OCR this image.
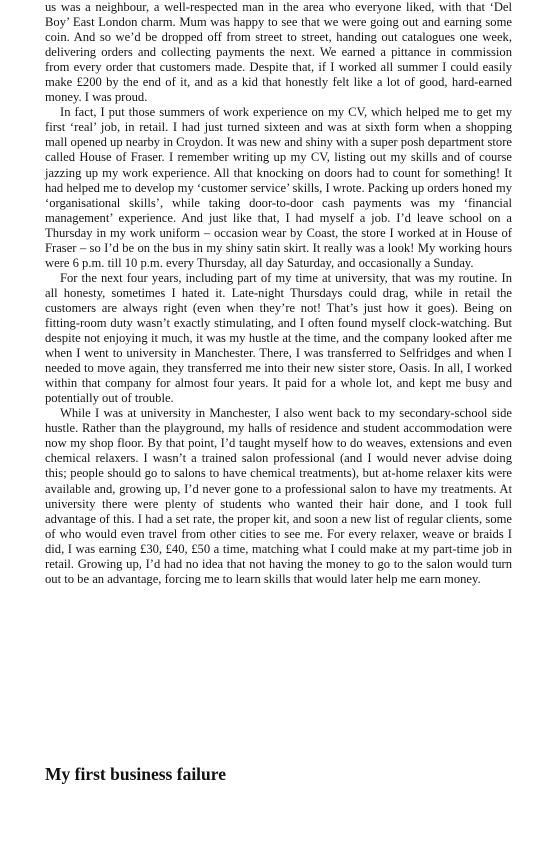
us was a neighbour, a well-respected man in the area who everyone liked, with that ‘Del Boy’ East London charm. Mum was happy to see that we were going out and earning some coin. And so we’d be dropped off from street to street, handing out catalogues one week, delivering orders and collecting payments the next. We earned a pittance in commission from every order that customers made. Despite that, if I worked all summer I could easily make £200 by the end of it, and as a kid that honestly felt like a lot of good, hard-earned money. I was proud.

In fact, I put those summers of work experience on my CV, which helped me to get my first ‘real’ job, in retail. I had just turned sixteen and was at sixth form when a shopping mall opened up nearby in Croydon. It was new and shiny with a super posh department store called House of Fraser. I remember writing up my CV, listing out my skills and of course jazzing up my work experience. All that knocking on doors had to count for something! It had helped me to develop my ‘customer service’ skills, I wrote. Packing up orders honed my ‘organisational skills’, while taking door-to-door cash payments was my ‘financial management’ experience. And just like that, I had myself a job. I’d leave school on a Thursday in my work uniform – occasion wear by Coast, the store I worked at in House of Fraser – so I’d be on the bus in my shiny satin skirt. It really was a look! My working hours were 6 p.m. till 10 p.m. every Thursday, all day Saturday, and occasionally a Sunday.

For the next four years, including part of my time at university, that was my routine. In all honesty, sometimes I hated it. Late-night Thursdays could drag, while in retail the customers are always right (even when they’re not! That’s just how it goes). Being on fitting-room duty wasn’t exactly stimulating, and I often found myself clock-watching. But despite not enjoying it much, it was my hustle at the time, and the company looked after me when I went to university in Manchester. There, I was transferred to Selfridges and when I needed to move again, they transferred me into their new sister store, Oasis. In all, I worked within that company for almost four years. It paid for a whole lot, and kept me busy and potentially out of trouble.

While I was at university in Manchester, I also went back to my secondary-school side hustle. Rather than the playground, my halls of residence and student accommodation were now my shop floor. By that point, I’d taught myself how to do weaves, extensions and even chemical relaxers. I wasn’t a trained salon professional (and I would never advise doing this; people should go to salons to have chemical treatments), but at-home relaxer kits were available and, growing up, I’d never gone to a professional salon to have my treatments. At university there were plenty of students who wanted their hair done, and I took full advantage of this. I had a set rate, the proper kit, and soon a new list of regular clients, some of who would even travel from other cities to see me. For every relaxer, weave or braids I did, I was earning £30, £40, £50 a time, matching what I could make at my part-time job in retail. Growing up, I’d had no idea that not having the money to go to the salon would turn out to be an advantage, forcing me to learn skills that would later help me earn money.

My first business failure
